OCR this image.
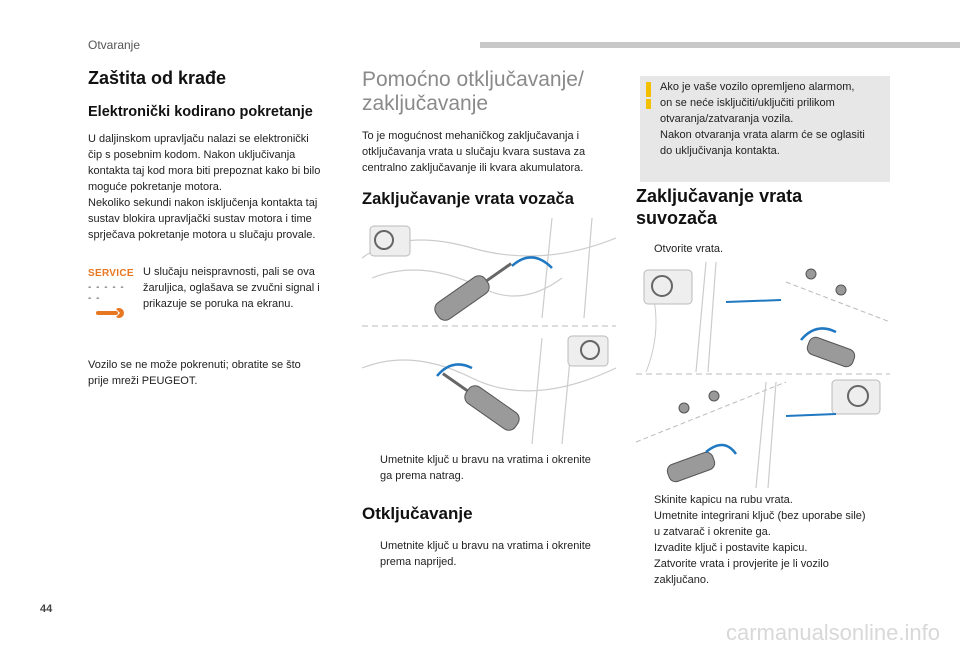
Otvaranje
Zaštita od krađe
Elektronički kodirano pokretanje

U daljinskom upravljaču nalazi se elektronički

čip s posebnim kodom. Nakon uključivanja

kontakta taj kod mora biti prepoznat kako bi bilo

moguće pokretanje motora.

Nekoliko sekundi nakon isključenja kontakta taj

sustav blokira upravljački sustav motora i time

sprječava pokretanje motora u slučaju provale.

SERVICE
- - - - - - -

U slučaju neispravnosti, pali se ova

žaruljica, oglašava se zvučni signal i

prikazuje se poruka na ekranu.

Vozilo se ne može pokrenuti; obratite se što

prije mreži PEUGEOT.

Pomoćno otključavanje/
zaključavanje

To je mogućnost mehaničkog zaključavanja i

otključavanja vrata u slučaju kvara sustava za

centralno zaključavanje ili kvara akumulatora.

Zaključavanje vrata vozača

Umetnite ključ u bravu na vratima i okrenite

ga prema natrag.

Otključavanje

Umetnite ključ u bravu na vratima i okrenite

prema naprijed.

Ako je vaše vozilo opremljeno alarmom,

on se neće isključiti/uključiti prilikom

otvaranja/zatvaranja vozila.

Nakon otvaranja vrata alarm će se oglasiti

do uključivanja kontakta.

Zaključavanje vrata
suvozača

Otvorite vrata.

Skinite kapicu na rubu vrata.

Umetnite integrirani ključ (bez uporabe sile)

u zatvarač i okrenite ga.

Izvadite ključ i postavite kapicu.

Zatvorite vrata i provjerite je li vozilo

zaključano.

44
carmanualsonline.info
